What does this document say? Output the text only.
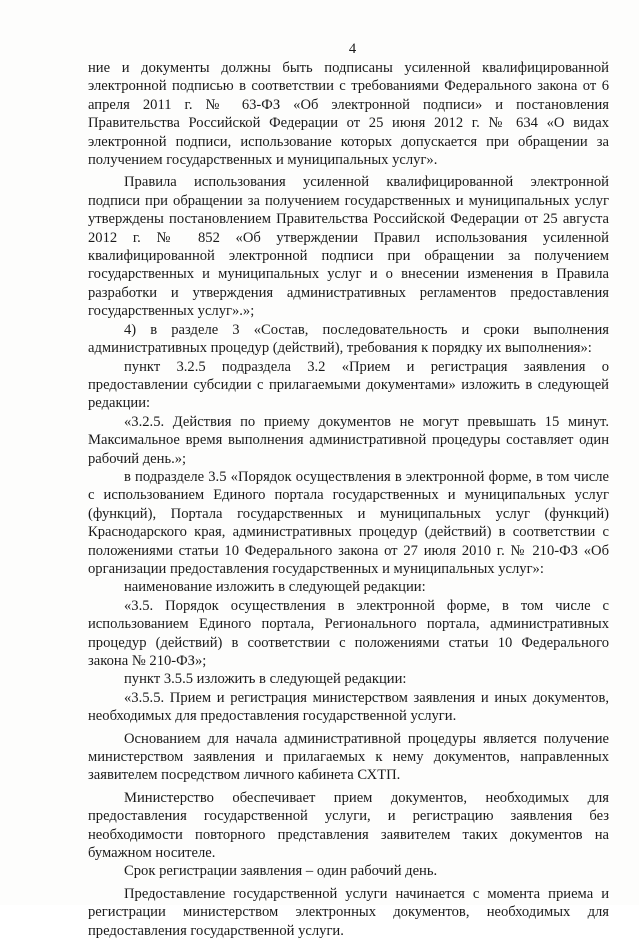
4

ние и документы должны быть подписаны усиленной квалифицированной электронной подписью в соответствии с требованиями Федерального закона от 6 апреля 2011 г. № 63-ФЗ «Об электронной подписи» и постановления Правительства Российской Федерации от 25 июня 2012 г. № 634 «О видах электронной подписи, использование которых допускается при обращении за получением государственных и муниципальных услуг».

Правила использования усиленной квалифицированной электронной подписи при обращении за получением государственных и муниципальных услуг утверждены постановлением Правительства Российской Федерации от 25 августа 2012 г. № 852 «Об утверждении Правил использования усиленной квалифицированной электронной подписи при обращении за получением государственных и муниципальных услуг и о внесении изменения в Правила разработки и утверждения административных регламентов предоставления государственных услуг».»;

4) в разделе 3 «Состав, последовательность и сроки выполнения административных процедур (действий), требования к порядку их выполнения»:

пункт 3.2.5 подраздела 3.2 «Прием и регистрация заявления о предоставлении субсидии с прилагаемыми документами» изложить в следующей редакции:

«3.2.5. Действия по приему документов не могут превышать 15 минут. Максимальное время выполнения административной процедуры составляет один рабочий день.»;

в подразделе 3.5 «Порядок осуществления в электронной форме, в том числе с использованием Единого портала государственных и муниципальных услуг (функций), Портала государственных и муниципальных услуг (функций) Краснодарского края, административных процедур (действий) в соответствии с положениями статьи 10 Федерального закона от 27 июля 2010 г. № 210-ФЗ «Об организации предоставления государственных и муниципальных услуг»:

наименование изложить в следующей редакции:

«3.5. Порядок осуществления в электронной форме, в том числе с использованием Единого портала, Регионального портала, административных процедур (действий) в соответствии с положениями статьи 10 Федерального закона № 210-ФЗ»;

пункт 3.5.5 изложить в следующей редакции:

«3.5.5. Прием и регистрация министерством заявления и иных документов, необходимых для предоставления государственной услуги.

Основанием для начала административной процедуры является получение министерством заявления и прилагаемых к нему документов, направленных заявителем посредством личного кабинета СХТП.

Министерство обеспечивает прием документов, необходимых для предоставления государственной услуги, и регистрацию заявления без необходимости повторного представления заявителем таких документов на бумажном носителе.

Срок регистрации заявления – один рабочий день.

Предоставление государственной услуги начинается с момента приема и регистрации министерством электронных документов, необходимых для предоставления государственной услуги.
